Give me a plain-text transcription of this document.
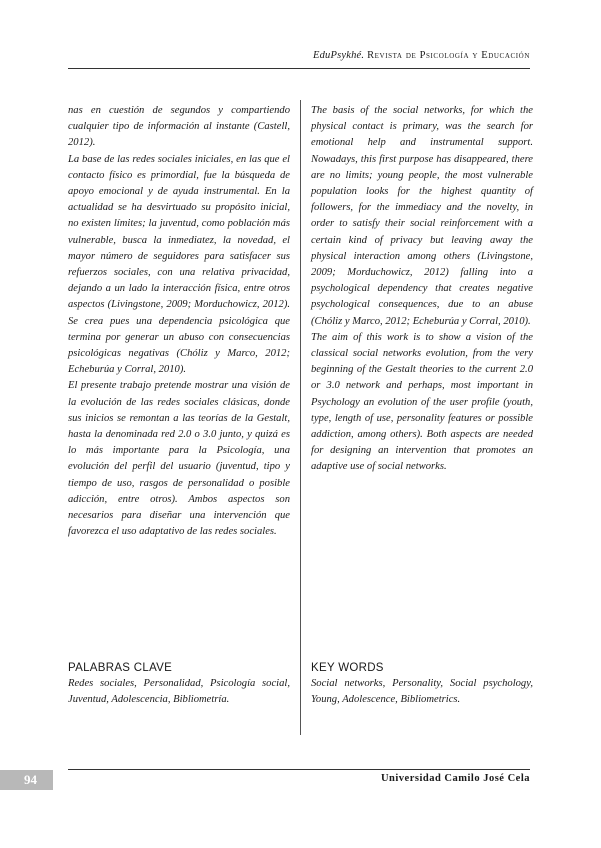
EduPsykhé. Revista de Psicología y Educación

nas en cuestión de segundos y compartiendo cualquier tipo de información al instante (Castell, 2012).

La base de las redes sociales iniciales, en las que el contacto físico es primordial, fue la búsqueda de apoyo emocional y de ayuda instrumental. En la actualidad se ha desvirtuado su propósito inicial, no existen límites; la juventud, como población más vulnerable, busca la inmediatez, la novedad, el mayor número de seguidores para satisfacer sus refuerzos sociales, con una relativa privacidad, dejando a un lado la interacción física, entre otros aspectos (Livingstone, 2009; Morduchowicz, 2012). Se crea pues una dependencia psicológica que termina por generar un abuso con consecuencias psicológicas negativas (Chóliz y Marco, 2012; Echeburúa y Corral, 2010).

El presente trabajo pretende mostrar una visión de la evolución de las redes sociales clásicas, donde sus inicios se remontan a las teorías de la Gestalt, hasta la denominada red 2.0 o 3.0 junto, y quizá es lo más importante para la Psicología, una evolución del perfil del usuario (juventud, tipo y tiempo de uso, rasgos de personalidad o posible adicción, entre otros). Ambos aspectos son necesarios para diseñar una intervención que favorezca el uso adaptativo de las redes sociales.

The basis of the social networks, for which the physical contact is primary, was the search for emotional help and instrumental support. Nowadays, this first purpose has disappeared, there are no limits; young people, the most vulnerable population looks for the highest quantity of followers, for the immediacy and the novelty, in order to satisfy their social reinforcement with a certain kind of privacy but leaving away the physical interaction among others (Livingstone, 2009; Morduchowicz, 2012) falling into a psychological dependency that creates negative psychological consequences, due to an abuse (Chóliz y Marco, 2012; Echeburúa y Corral, 2010).

The aim of this work is to show a vision of the classical social networks evolution, from the very beginning of the Gestalt theories to the current 2.0 or 3.0 network and perhaps, most important in Psychology an evolution of the user profile (youth, type, length of use, personality features or possible addiction, among others). Both aspects are needed for designing an intervention that promotes an adaptive use of social networks.

PALABRAS CLAVE
Redes sociales, Personalidad, Psicología social, Juventud, Adolescencia, Bibliometría.
KEY WORDS
Social networks, Personality, Social psychology, Young, Adolescence, Bibliometrics.
94	Universidad Camilo José Cela
